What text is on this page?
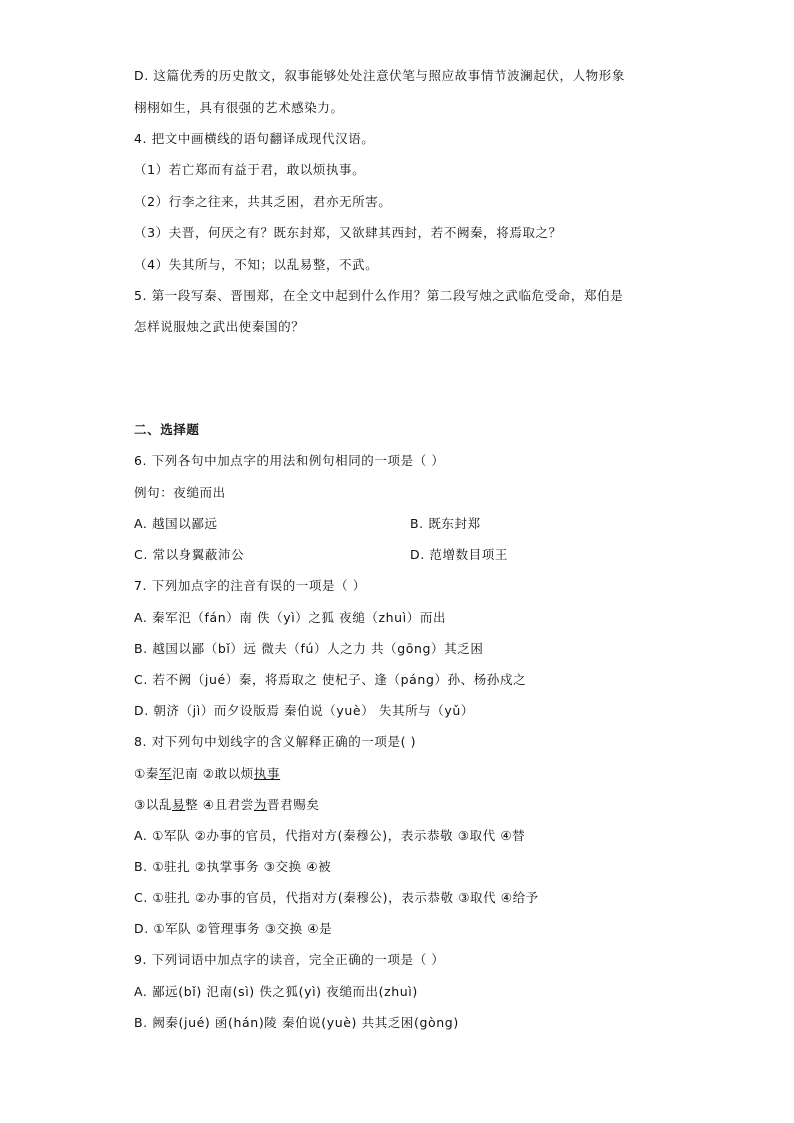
D. 这篇优秀的历史散文，叙事能够处处注意伏笔与照应故事情节波澜起伏，人物形象
栩栩如生，具有很强的艺术感染力。
4. 把文中画横线的语句翻译成现代汉语。
（1）若亡郑而有益于君，敢以烦执事。
（2）行李之往来，共其乏困，君亦无所害。
（3）夫晋，何厌之有？既东封郑，又欲肆其西封，若不阙秦，将焉取之？
（4）失其所与，不知；以乱易整，不武。
5. 第一段写秦、晋围郑，在全文中起到什么作用？第二段写烛之武临危受命，郑伯是
怎样说服烛之武出使秦国的？
二、选择题
6. 下列各句中加点字的用法和例句相同的一项是（ ）
例句：夜缒而出
A. 越国以鄙远	B. 既东封郑
C. 常以身翼蔽沛公	D. 范增数目项王
7. 下列加点字的注音有误的一项是（ ）
A. 秦军氾（fán）南 佚（yì）之狐 夜缒（zhuì）而出
B. 越国以鄙（bǐ）远 微夫（fú）人之力 共（gōng）其乏困
C. 若不阙（jué）秦，将焉取之 使杞子、逢（páng）孙、杨孙戍之
D. 朝济（jì）而夕设版焉 秦伯说（yuè） 失其所与（yǔ）
8. 对下列句中划线字的含义解释正确的一项是( )
①秦军氾南 ②敢以烦执事
③以乱易整 ④且君尝为晋君赐矣
A. ①军队 ②办事的官员，代指对方(秦穆公)，表示恭敬 ③取代 ④替
B. ①驻扎 ②执掌事务 ③交换 ④被
C. ①驻扎 ②办事的官员，代指对方(秦穆公)，表示恭敬 ③取代 ④给予
D. ①军队 ②管理事务 ③交换 ④是
9. 下列词语中加点字的读音，完全正确的一项是（ ）
A. 鄙远(bǐ) 氾南(sì) 佚之狐(yì) 夜缒而出(zhuì)
B. 阙秦(jué) 函(hán)陵 秦伯说(yuè) 共其乏困(gòng)
